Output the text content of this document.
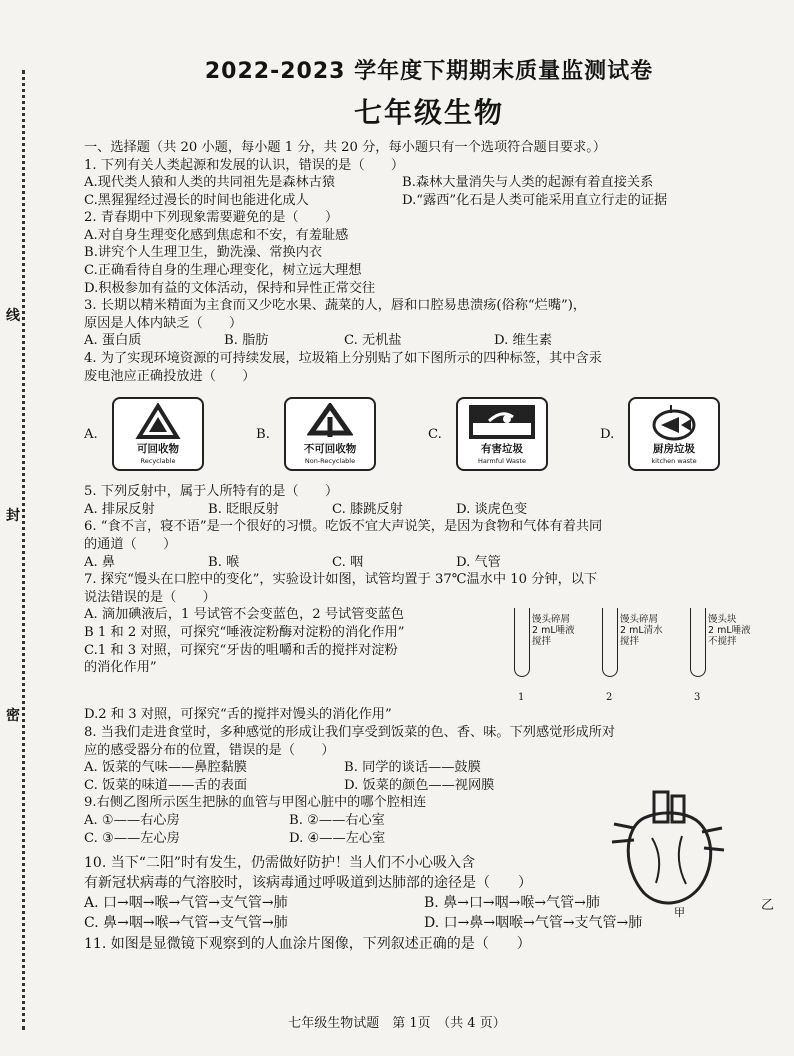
线
封
密
2022-2023 学年度下期期末质量监测试卷
七年级生物

一、选择题（共 20 小题，每小题 1 分，共 20 分，每小题只有一个选项符合题目要求。）

1. 下列有关人类起源和发展的认识，错误的是（　　）

A.现代类人猿和人类的共同祖先是森林古猿	B.森林大量消失与人类的起源有着直接关系
C.黑猩猩经过漫长的时间也能进化成人	D.“露西”化石是人类可能采用直立行走的证据

2. 青春期中下列现象需要避免的是（　　）

A.对自身生理变化感到焦虑和不安，有羞耻感

B.讲究个人生理卫生，勤洗澡、常换内衣

C.正确看待自身的生理心理变化，树立远大理想

D.积极参加有益的文体活动，保持和异性正常交往

3. 长期以精米精面为主食而又少吃水果、蔬菜的人，唇和口腔易患溃疡(俗称“烂嘴”)，

原因是人体内缺乏（　　）

A. 蛋白质	B. 脂肪	C. 无机盐	D. 维生素

4. 为了实现环境资源的可持续发展，垃圾箱上分别贴了如下图所示的四种标签，其中含汞

废电池应正确投放进（　　）

A.
可回收物
Recyclable
B.
不可回收物
Non-Recyclable
C.
有害垃圾
Harmful Waste
D.
厨房垃圾
kitchen waste

5. 下列反射中，属于人所特有的是（　　）

A. 排尿反射	B. 眨眼反射	C. 膝跳反射	D. 谈虎色变

6. “食不言，寝不语”是一个很好的习惯。吃饭不宜大声说笑，是因为食物和气体有着共同

的通道（　　）

A. 鼻	B. 喉	C. 咽	D. 气管

7. 探究“馒头在口腔中的变化”，实验设计如图，试管均置于 37℃温水中 10 分钟，以下

说法错误的是（　　）

A. 滴加碘液后，1 号试管不会变蓝色，2 号试管变蓝色

B 1 和 2 对照，可探究“唾液淀粉酶对淀粉的消化作用”

C.1 和 3 对照，可探究“牙齿的咀嚼和舌的搅拌对淀粉

的消化作用”

馒头碎屑
2 mL唾液
搅拌
1
馒头碎屑
2 mL清水
搅拌
2
馒头块
2 mL唾液
不搅拌
3

D.2 和 3 对照，可探究“舌的搅拌对馒头的消化作用”

8. 当我们走进食堂时，多种感觉的形成让我们享受到饭菜的色、香、味。下列感觉形成所对

应的感受器分布的位置，错误的是（　　）

A. 饭菜的气味——鼻腔黏膜	B. 同学的谈话——鼓膜
C. 饭菜的味道——舌的表面	D. 饭菜的颜色——视网膜
甲

9.右侧乙图所示医生把脉的血管与甲图心脏中的哪个腔相连

A. ①——右心房	B. ②——右心室
C. ③——左心房	D. ④——左心室
乙

10. 当下“二阳”时有发生，仍需做好防护！当人们不小心吸入含

有新冠状病毒的气溶胶时，该病毒通过呼吸道到达肺部的途径是（　　）

A. 口→咽→喉→气管→支气管→肺	B. 鼻→口→咽→喉→气管→肺
C. 鼻→咽→喉→气管→支气管→肺	D. 口→鼻→咽喉→气管→支气管→肺

11. 如图是显微镜下观察到的人血涂片图像，下列叙述正确的是（　　）

七年级生物试题　第 1页　（共 4 页）
